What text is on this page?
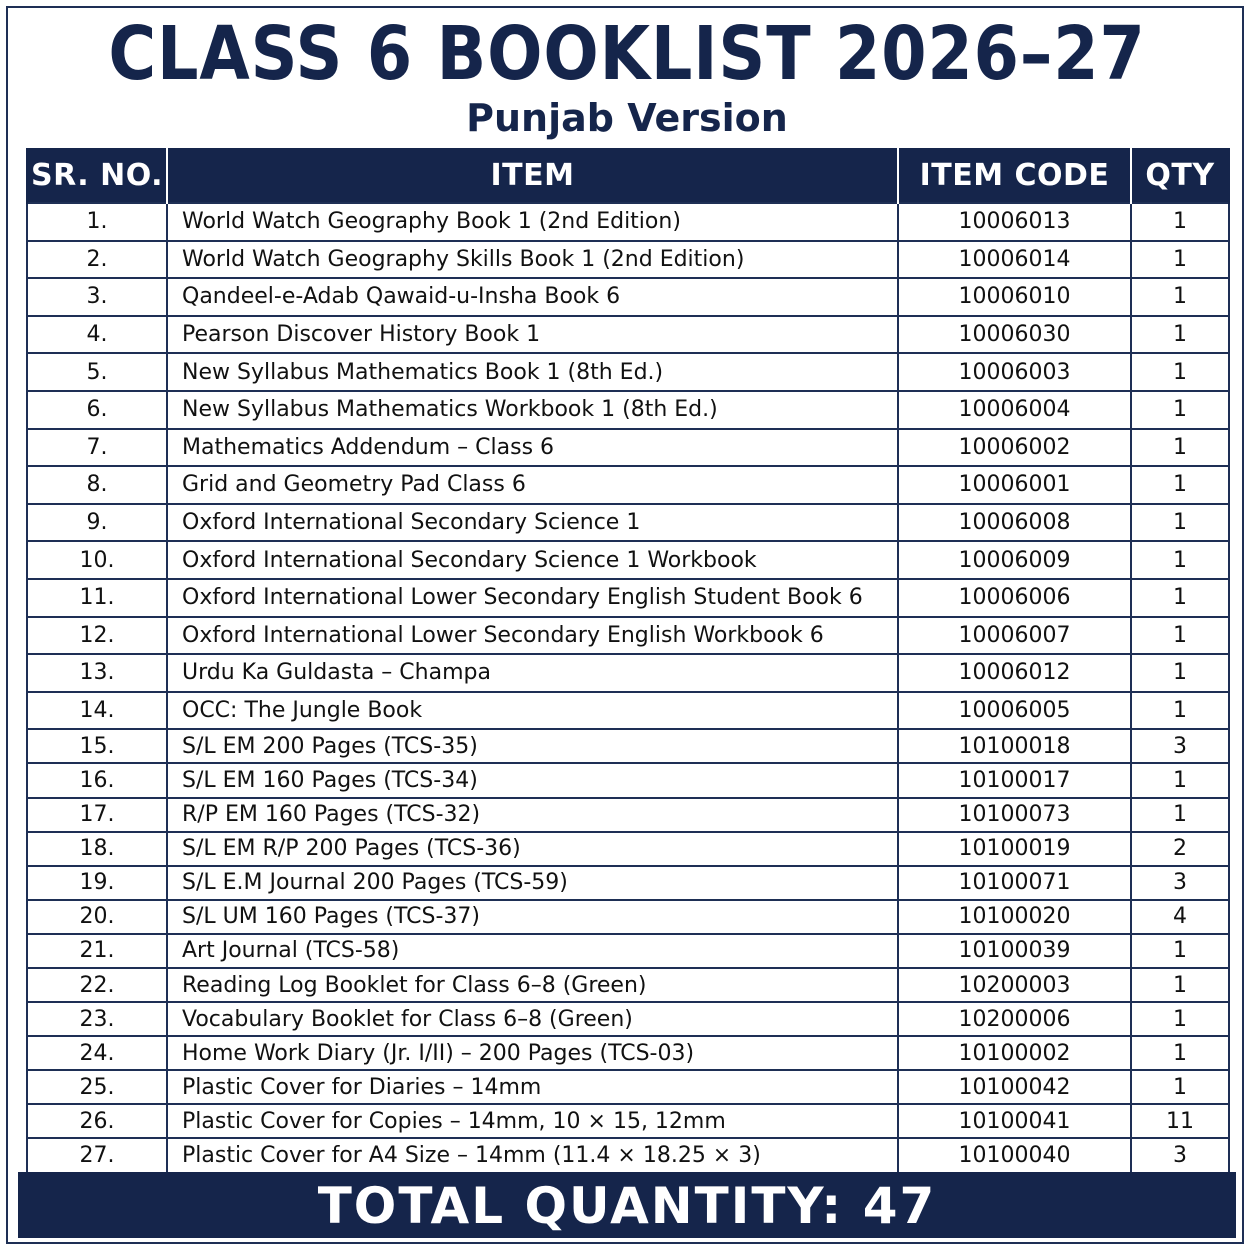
CLASS 6 BOOKLIST 2026–27
Punjab Version
SR. NO.	ITEM	ITEM CODE	QTY
1.	World Watch Geography Book 1 (2nd Edition)	10006013	1
2.	World Watch Geography Skills Book 1 (2nd Edition)	10006014	1
3.	Qandeel-e-Adab Qawaid-u-Insha Book 6	10006010	1
4.	Pearson Discover History Book 1	10006030	1
5.	New Syllabus Mathematics Book 1 (8th Ed.)	10006003	1
6.	New Syllabus Mathematics Workbook 1 (8th Ed.)	10006004	1
7.	Mathematics Addendum – Class 6	10006002	1
8.	Grid and Geometry Pad Class 6	10006001	1
9.	Oxford International Secondary Science 1	10006008	1
10.	Oxford International Secondary Science 1 Workbook	10006009	1
11.	Oxford International Lower Secondary English Student Book 6	10006006	1
12.	Oxford International Lower Secondary English Workbook 6	10006007	1
13.	Urdu Ka Guldasta – Champa	10006012	1
14.	OCC: The Jungle Book	10006005	1
15.	S/L EM 200 Pages (TCS-35)	10100018	3
16.	S/L EM 160 Pages (TCS-34)	10100017	1
17.	R/P EM 160 Pages (TCS-32)	10100073	1
18.	S/L EM R/P 200 Pages (TCS-36)	10100019	2
19.	S/L E.M Journal 200 Pages (TCS-59)	10100071	3
20.	S/L UM 160 Pages (TCS-37)	10100020	4
21.	Art Journal (TCS-58)	10100039	1
22.	Reading Log Booklet for Class 6–8 (Green)	10200003	1
23.	Vocabulary Booklet for Class 6–8 (Green)	10200006	1
24.	Home Work Diary (Jr. I/II) – 200 Pages (TCS-03)	10100002	1
25.	Plastic Cover for Diaries – 14mm	10100042	1
26.	Plastic Cover for Copies – 14mm, 10 × 15, 12mm	10100041	11
27.	Plastic Cover for A4 Size – 14mm (11.4 × 18.25 × 3)	10100040	3
TOTAL QUANTITY: 47
